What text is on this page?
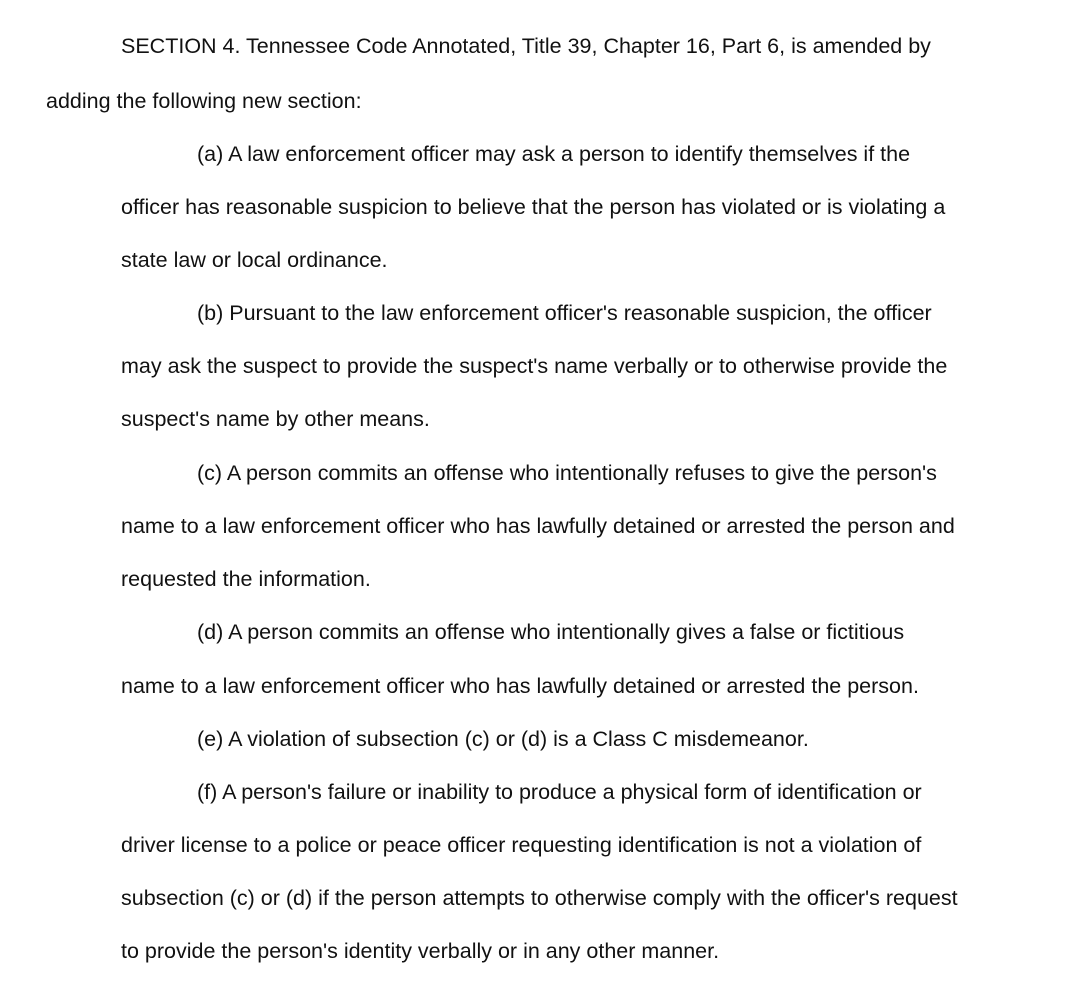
SECTION 4. Tennessee Code Annotated, Title 39, Chapter 16, Part 6, is amended by

adding the following new section:

(a) A law enforcement officer may ask a person to identify themselves if the

officer has reasonable suspicion to believe that the person has violated or is violating a

state law or local ordinance.

(b) Pursuant to the law enforcement officer's reasonable suspicion, the officer

may ask the suspect to provide the suspect's name verbally or to otherwise provide the

suspect's name by other means.

(c) A person commits an offense who intentionally refuses to give the person's

name to a law enforcement officer who has lawfully detained or arrested the person and

requested the information.

(d) A person commits an offense who intentionally gives a false or fictitious

name to a law enforcement officer who has lawfully detained or arrested the person.

(e) A violation of subsection (c) or (d) is a Class C misdemeanor.

(f) A person's failure or inability to produce a physical form of identification or

driver license to a police or peace officer requesting identification is not a violation of

subsection (c) or (d) if the person attempts to otherwise comply with the officer's request

to provide the person's identity verbally or in any other manner.
